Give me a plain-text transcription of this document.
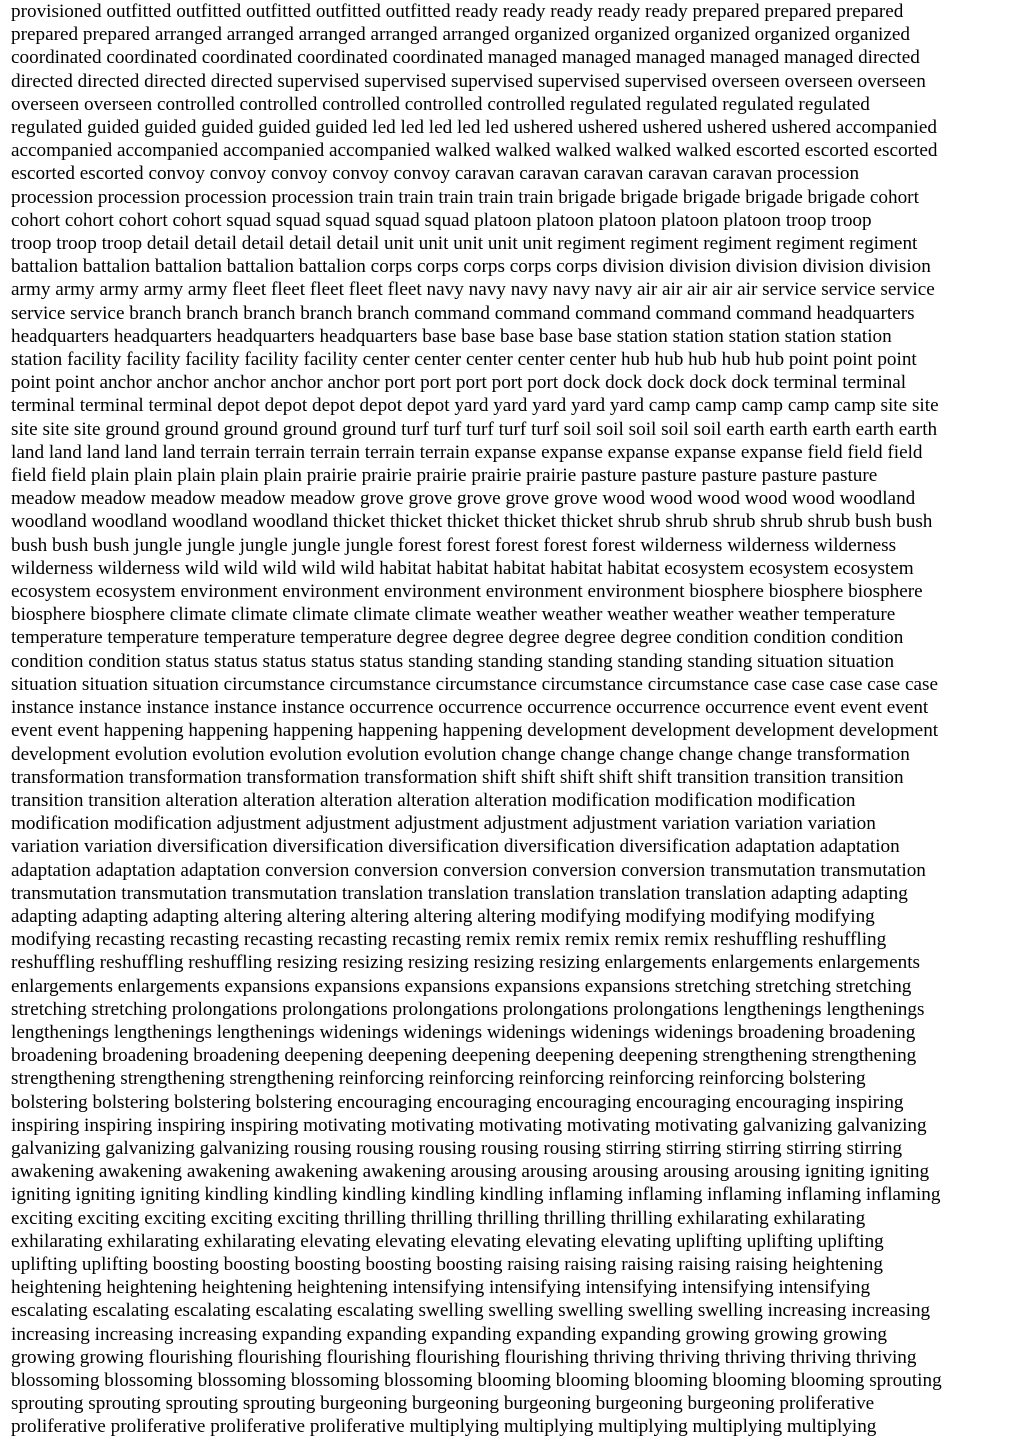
provisioned outfitted outfitted outfitted outfitted outfitted ready ready ready ready ready prepared prepared prepared
prepared prepared arranged arranged arranged arranged arranged organized organized organized organized organized
coordinated coordinated coordinated coordinated coordinated managed managed managed managed managed directed
directed directed directed directed supervised supervised supervised supervised supervised overseen overseen overseen
overseen overseen controlled controlled controlled controlled controlled regulated regulated regulated regulated
regulated guided guided guided guided guided led led led led led ushered ushered ushered ushered ushered accompanied
accompanied accompanied accompanied accompanied walked walked walked walked walked escorted escorted escorted
escorted escorted convoy convoy convoy convoy convoy caravan caravan caravan caravan caravan procession
procession procession procession procession train train train train train brigade brigade brigade brigade brigade cohort
cohort cohort cohort cohort squad squad squad squad squad platoon platoon platoon platoon platoon troop troop
troop troop troop detail detail detail detail detail unit unit unit unit unit regiment regiment regiment regiment regiment
battalion battalion battalion battalion battalion corps corps corps corps corps division division division division division
army army army army army fleet fleet fleet fleet fleet navy navy navy navy navy air air air air air service service service
service service branch branch branch branch branch command command command command command headquarters
headquarters headquarters headquarters headquarters base base base base base station station station station station
station facility facility facility facility facility center center center center center hub hub hub hub hub point point point
point point anchor anchor anchor anchor anchor port port port port port dock dock dock dock dock terminal terminal
terminal terminal terminal depot depot depot depot depot yard yard yard yard yard camp camp camp camp camp site site
site site site ground ground ground ground ground turf turf turf turf turf soil soil soil soil soil earth earth earth earth earth
land land land land land terrain terrain terrain terrain terrain expanse expanse expanse expanse expanse field field field
field field plain plain plain plain plain prairie prairie prairie prairie prairie pasture pasture pasture pasture pasture
meadow meadow meadow meadow meadow grove grove grove grove grove wood wood wood wood wood woodland
woodland woodland woodland woodland thicket thicket thicket thicket thicket shrub shrub shrub shrub shrub bush bush
bush bush bush jungle jungle jungle jungle jungle forest forest forest forest forest wilderness wilderness wilderness
wilderness wilderness wild wild wild wild wild habitat habitat habitat habitat habitat ecosystem ecosystem ecosystem
ecosystem ecosystem environment environment environment environment environment biosphere biosphere biosphere
biosphere biosphere climate climate climate climate climate weather weather weather weather weather temperature
temperature temperature temperature temperature degree degree degree degree degree condition condition condition
condition condition status status status status status standing standing standing standing standing situation situation
situation situation situation circumstance circumstance circumstance circumstance circumstance case case case case case
instance instance instance instance instance occurrence occurrence occurrence occurrence occurrence event event event
event event happening happening happening happening happening development development development development
development evolution evolution evolution evolution evolution change change change change change transformation
transformation transformation transformation transformation shift shift shift shift shift transition transition transition
transition transition alteration alteration alteration alteration alteration modification modification modification
modification modification adjustment adjustment adjustment adjustment adjustment variation variation variation
variation variation diversification diversification diversification diversification diversification adaptation adaptation
adaptation adaptation adaptation conversion conversion conversion conversion conversion transmutation transmutation
transmutation transmutation transmutation translation translation translation translation translation adapting adapting
adapting adapting adapting altering altering altering altering altering modifying modifying modifying modifying
modifying recasting recasting recasting recasting recasting remix remix remix remix remix reshuffling reshuffling
reshuffling reshuffling reshuffling resizing resizing resizing resizing resizing enlargements enlargements enlargements
enlargements enlargements expansions expansions expansions expansions expansions stretching stretching stretching
stretching stretching prolongations prolongations prolongations prolongations prolongations lengthenings lengthenings
lengthenings lengthenings lengthenings widenings widenings widenings widenings widenings broadening broadening
broadening broadening broadening deepening deepening deepening deepening deepening strengthening strengthening
strengthening strengthening strengthening reinforcing reinforcing reinforcing reinforcing reinforcing bolstering
bolstering bolstering bolstering bolstering encouraging encouraging encouraging encouraging encouraging inspiring
inspiring inspiring inspiring inspiring motivating motivating motivating motivating motivating galvanizing galvanizing
galvanizing galvanizing galvanizing rousing rousing rousing rousing rousing stirring stirring stirring stirring stirring
awakening awakening awakening awakening awakening arousing arousing arousing arousing arousing igniting igniting
igniting igniting igniting kindling kindling kindling kindling kindling inflaming inflaming inflaming inflaming inflaming
exciting exciting exciting exciting exciting thrilling thrilling thrilling thrilling thrilling exhilarating exhilarating
exhilarating exhilarating exhilarating elevating elevating elevating elevating elevating uplifting uplifting uplifting
uplifting uplifting boosting boosting boosting boosting boosting raising raising raising raising raising heightening
heightening heightening heightening heightening intensifying intensifying intensifying intensifying intensifying
escalating escalating escalating escalating escalating swelling swelling swelling swelling swelling increasing increasing
increasing increasing increasing expanding expanding expanding expanding expanding growing growing growing
growing growing flourishing flourishing flourishing flourishing flourishing thriving thriving thriving thriving thriving
blossoming blossoming blossoming blossoming blossoming blooming blooming blooming blooming blooming sprouting
sprouting sprouting sprouting sprouting burgeoning burgeoning burgeoning burgeoning burgeoning proliferative
proliferative proliferative proliferative proliferative multiplying multiplying multiplying multiplying multiplying
